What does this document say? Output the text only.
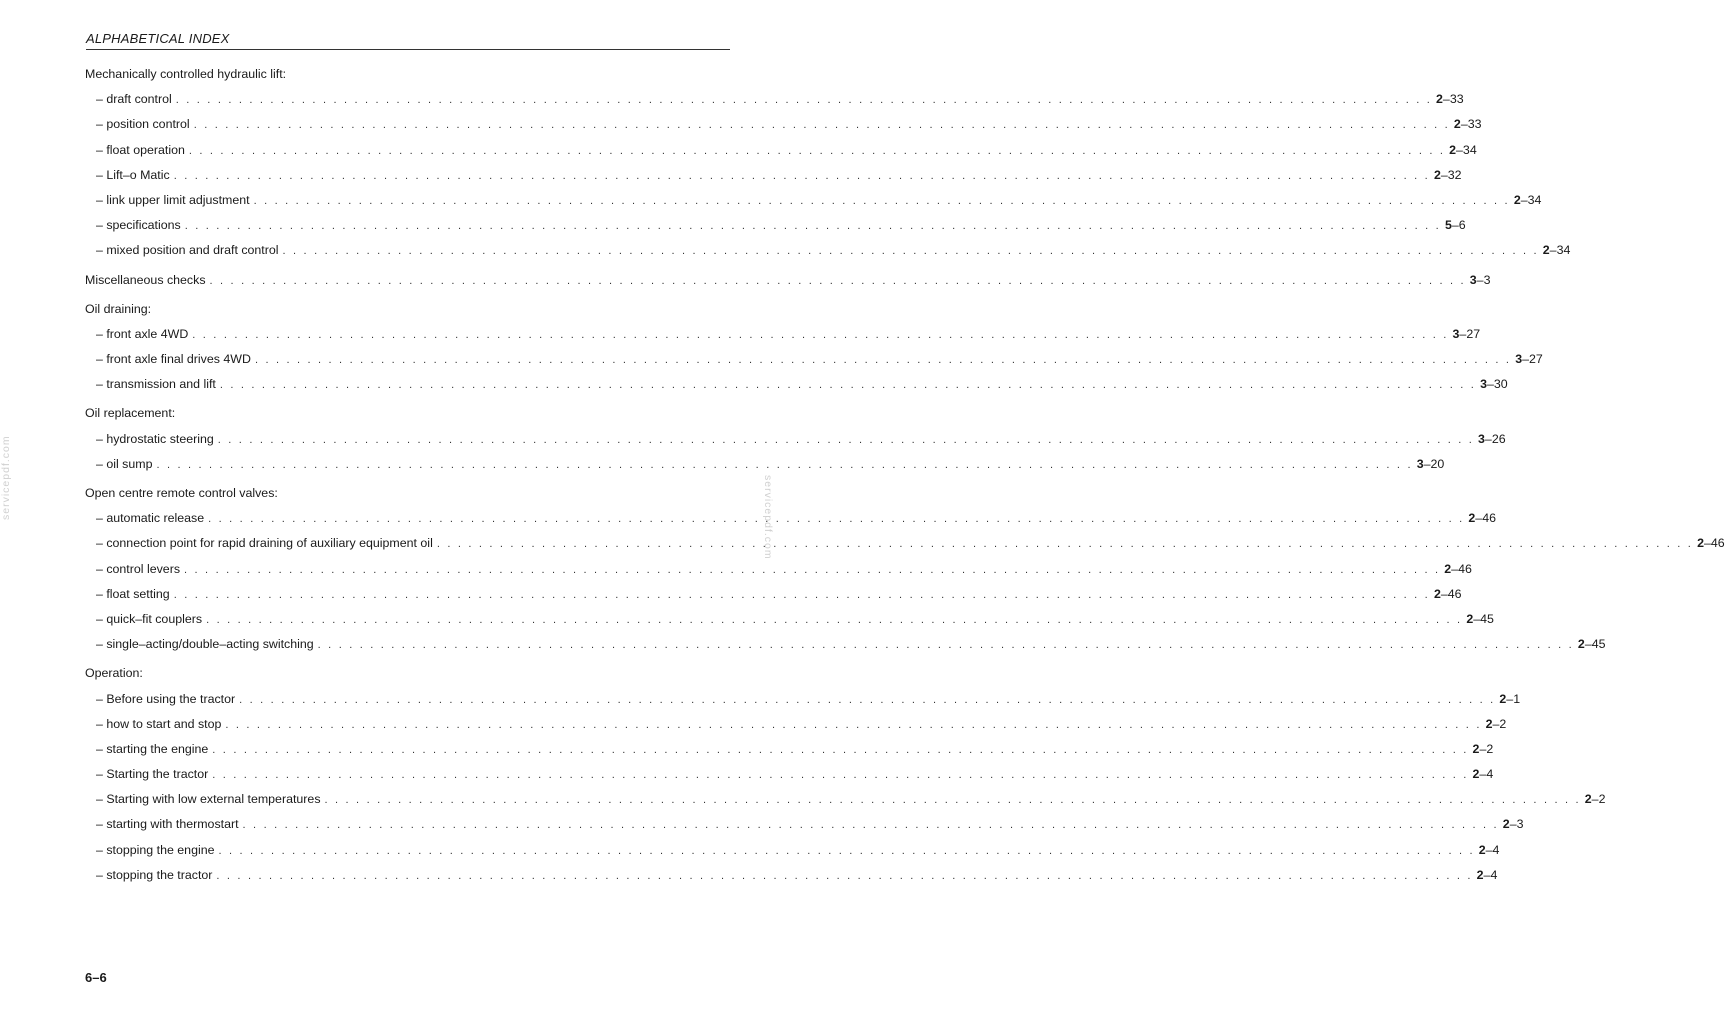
ALPHABETICAL INDEX
Mechanically controlled hydraulic lift:
– draft control . . . . . . . . . . . . . . . . . . . . . . . . . . . . . . . . . . . . . . . . . . . . . . . . . . . . . . . . . . . . . . . . . . . . . . . . . . . . . . . . . . . . . . . . . . . . . . . . . . . . . . . . . . . . . . . . . . . . . . . . 2–33
– position control . . . . . . . . . . . . . . . . . . . . . . . . . . . . . . . . . . . . . . . . . . . . . . . . . . . . . . . . . . . . . . . . . . . . . . . . . . . . . . . . . . . . . . . . . . . . . . . . . . . . . . . . . . . . . . . . . . . . . . . . 2–33
– float operation . . . . . . . . . . . . . . . . . . . . . . . . . . . . . . . . . . . . . . . . . . . . . . . . . . . . . . . . . . . . . . . . . . . . . . . . . . . . . . . . . . . . . . . . . . . . . . . . . . . . . . . . . . . . . . . . . . . . . . . . 2–34
– Lift–o Matic . . . . . . . . . . . . . . . . . . . . . . . . . . . . . . . . . . . . . . . . . . . . . . . . . . . . . . . . . . . . . . . . . . . . . . . . . . . . . . . . . . . . . . . . . . . . . . . . . . . . . . . . . . . . . . . . . . . . . . . . 2–32
– link upper limit adjustment . . . . . . . . . . . . . . . . . . . . . . . . . . . . . . . . . . . . . . . . . . . . . . . . . . . . . . . . . . . . . . . . . . . . . . . . . . . . . . . . . . . . . . . . . . . . . . . . . . . . . . . . . . . . . . . . . . . . . . . . 2–34
– specifications . . . . . . . . . . . . . . . . . . . . . . . . . . . . . . . . . . . . . . . . . . . . . . . . . . . . . . . . . . . . . . . . . . . . . . . . . . . . . . . . . . . . . . . . . . . . . . . . . . . . . . . . . . . . . . . . . . . . . . . . 5–6
– mixed position and draft control . . . . . . . . . . . . . . . . . . . . . . . . . . . . . . . . . . . . . . . . . . . . . . . . . . . . . . . . . . . . . . . . . . . . . . . . . . . . . . . . . . . . . . . . . . . . . . . . . . . . . . . . . . . . . . . . . . . . . . . . 2–34
Miscellaneous checks . . . . . . . . . . . . . . . . . . . . . . . . . . . . . . . . . . . . . . . . . . . . . . . . . . . . . . . . . . . . . . . . . . . . . . . . . . . . . . . . . . . . . . . . . . . . . . . . . . . . . . . . . . . . . . . . . . . . . . . . 3–3
Oil draining:
– front axle 4WD . . . . . . . . . . . . . . . . . . . . . . . . . . . . . . . . . . . . . . . . . . . . . . . . . . . . . . . . . . . . . . . . . . . . . . . . . . . . . . . . . . . . . . . . . . . . . . . . . . . . . . . . . . . . . . . . . . . . . . . . 3–27
– front axle final drives 4WD . . . . . . . . . . . . . . . . . . . . . . . . . . . . . . . . . . . . . . . . . . . . . . . . . . . . . . . . . . . . . . . . . . . . . . . . . . . . . . . . . . . . . . . . . . . . . . . . . . . . . . . . . . . . . . . . . . . . . . . . 3–27
– transmission and lift . . . . . . . . . . . . . . . . . . . . . . . . . . . . . . . . . . . . . . . . . . . . . . . . . . . . . . . . . . . . . . . . . . . . . . . . . . . . . . . . . . . . . . . . . . . . . . . . . . . . . . . . . . . . . . . . . . . . . . . . 3–30
Oil replacement:
– hydrostatic steering . . . . . . . . . . . . . . . . . . . . . . . . . . . . . . . . . . . . . . . . . . . . . . . . . . . . . . . . . . . . . . . . . . . . . . . . . . . . . . . . . . . . . . . . . . . . . . . . . . . . . . . . . . . . . . . . . . . . . . . . 3–26
– oil sump . . . . . . . . . . . . . . . . . . . . . . . . . . . . . . . . . . . . . . . . . . . . . . . . . . . . . . . . . . . . . . . . . . . . . . . . . . . . . . . . . . . . . . . . . . . . . . . . . . . . . . . . . . . . . . . . . . . . . . . . 3–20
Open centre remote control valves:
– automatic release . . . . . . . . . . . . . . . . . . . . . . . . . . . . . . . . . . . . . . . . . . . . . . . . . . . . . . . . . . . . . . . . . . . . . . . . . . . . . . . . . . . . . . . . . . . . . . . . . . . . . . . . . . . . . . . . . . . . . . . . 2–46
– connection point for rapid draining of auxiliary equipment oil . . . . . . . . . . . . . . . . . . . . . . . . . . . . . . . . . . . . . . . . . . . . . . . . . . . . . . . . . . . . . . . . . . . . . . . . . . . . . . . . . . . . . . . . . . . . . . . . . . . . . . . . . . . . . . . . . . . . . . . . 2–46
– control levers . . . . . . . . . . . . . . . . . . . . . . . . . . . . . . . . . . . . . . . . . . . . . . . . . . . . . . . . . . . . . . . . . . . . . . . . . . . . . . . . . . . . . . . . . . . . . . . . . . . . . . . . . . . . . . . . . . . . . . . . 2–46
– float setting . . . . . . . . . . . . . . . . . . . . . . . . . . . . . . . . . . . . . . . . . . . . . . . . . . . . . . . . . . . . . . . . . . . . . . . . . . . . . . . . . . . . . . . . . . . . . . . . . . . . . . . . . . . . . . . . . . . . . . . . 2–46
– quick–fit couplers . . . . . . . . . . . . . . . . . . . . . . . . . . . . . . . . . . . . . . . . . . . . . . . . . . . . . . . . . . . . . . . . . . . . . . . . . . . . . . . . . . . . . . . . . . . . . . . . . . . . . . . . . . . . . . . . . . . . . . . . 2–45
– single–acting/double–acting switching . . . . . . . . . . . . . . . . . . . . . . . . . . . . . . . . . . . . . . . . . . . . . . . . . . . . . . . . . . . . . . . . . . . . . . . . . . . . . . . . . . . . . . . . . . . . . . . . . . . . . . . . . . . . . . . . . . . . . . . . 2–45
Operation:
– Before using the tractor . . . . . . . . . . . . . . . . . . . . . . . . . . . . . . . . . . . . . . . . . . . . . . . . . . . . . . . . . . . . . . . . . . . . . . . . . . . . . . . . . . . . . . . . . . . . . . . . . . . . . . . . . . . . . . . . . . . . . . . . 2–1
– how to start and stop . . . . . . . . . . . . . . . . . . . . . . . . . . . . . . . . . . . . . . . . . . . . . . . . . . . . . . . . . . . . . . . . . . . . . . . . . . . . . . . . . . . . . . . . . . . . . . . . . . . . . . . . . . . . . . . . . . . . . . . . 2–2
– starting the engine . . . . . . . . . . . . . . . . . . . . . . . . . . . . . . . . . . . . . . . . . . . . . . . . . . . . . . . . . . . . . . . . . . . . . . . . . . . . . . . . . . . . . . . . . . . . . . . . . . . . . . . . . . . . . . . . . . . . . . . . 2–2
– Starting the tractor . . . . . . . . . . . . . . . . . . . . . . . . . . . . . . . . . . . . . . . . . . . . . . . . . . . . . . . . . . . . . . . . . . . . . . . . . . . . . . . . . . . . . . . . . . . . . . . . . . . . . . . . . . . . . . . . . . . . . . . . 2–4
– Starting with low external temperatures . . . . . . . . . . . . . . . . . . . . . . . . . . . . . . . . . . . . . . . . . . . . . . . . . . . . . . . . . . . . . . . . . . . . . . . . . . . . . . . . . . . . . . . . . . . . . . . . . . . . . . . . . . . . . . . . . . . . . . . . 2–2
– starting with thermostart . . . . . . . . . . . . . . . . . . . . . . . . . . . . . . . . . . . . . . . . . . . . . . . . . . . . . . . . . . . . . . . . . . . . . . . . . . . . . . . . . . . . . . . . . . . . . . . . . . . . . . . . . . . . . . . . . . . . . . . . 2–3
– stopping the engine . . . . . . . . . . . . . . . . . . . . . . . . . . . . . . . . . . . . . . . . . . . . . . . . . . . . . . . . . . . . . . . . . . . . . . . . . . . . . . . . . . . . . . . . . . . . . . . . . . . . . . . . . . . . . . . . . . . . . . . . 2–4
– stopping the tractor . . . . . . . . . . . . . . . . . . . . . . . . . . . . . . . . . . . . . . . . . . . . . . . . . . . . . . . . . . . . . . . . . . . . . . . . . . . . . . . . . . . . . . . . . . . . . . . . . . . . . . . . . . . . . . . . . . . . . . . . 2–4
servicepdf.com	servicepdf.com
6–6
